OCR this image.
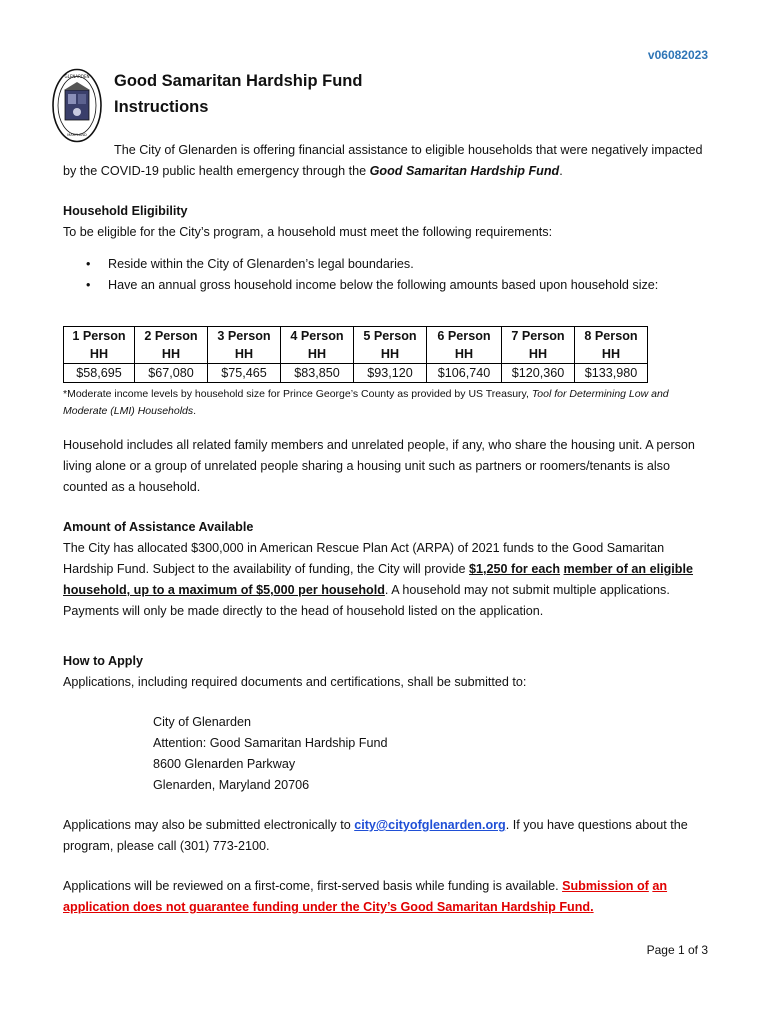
v06082023
GLENARDEN
MARYLAND
Good Samaritan Hardship Fund
Instructions
The City of Glenarden is offering financial assistance to eligible households that were negatively impacted by the COVID-19 public health emergency through the Good Samaritan Hardship Fund.
Household Eligibility
To be eligible for the City’s program, a household must meet the following requirements:
• Reside within the City of Glenarden’s legal boundaries.
• Have an annual gross household income below the following amounts based upon household size:
1 Person HH	2 Person HH	3 Person HH	4 Person HH	5 Person HH	6 Person HH	7 Person HH	8 Person HH
$58,695	$67,080	$75,465	$83,850	$93,120	$106,740	$120,360	$133,980
*Moderate income levels by household size for Prince George’s County as provided by US Treasury, Tool for Determining Low and Moderate (LMI) Households.
Household includes all related family members and unrelated people, if any, who share the housing unit. A person living alone or a group of unrelated people sharing a housing unit such as partners or roomers/tenants is also counted as a household.
Amount of Assistance Available
The City has allocated $300,000 in American Rescue Plan Act (ARPA) of 2021 funds to the Good Samaritan Hardship Fund. Subject to the availability of funding, the City will provide $1,250 for each member of an eligible household, up to a maximum of $5,000 per household. A household may not submit multiple applications. Payments will only be made directly to the head of household listed on the application.
How to Apply
Applications, including required documents and certifications, shall be submitted to:
City of Glenarden
Attention: Good Samaritan Hardship Fund
8600 Glenarden Parkway
Glenarden, Maryland 20706
Applications may also be submitted electronically to city@cityofglenarden.org. If you have questions about the program, please call (301) 773-2100.
Applications will be reviewed on a first-come, first-served basis while funding is available. Submission of an application does not guarantee funding under the City’s Good Samaritan Hardship Fund.
Page 1 of 3
